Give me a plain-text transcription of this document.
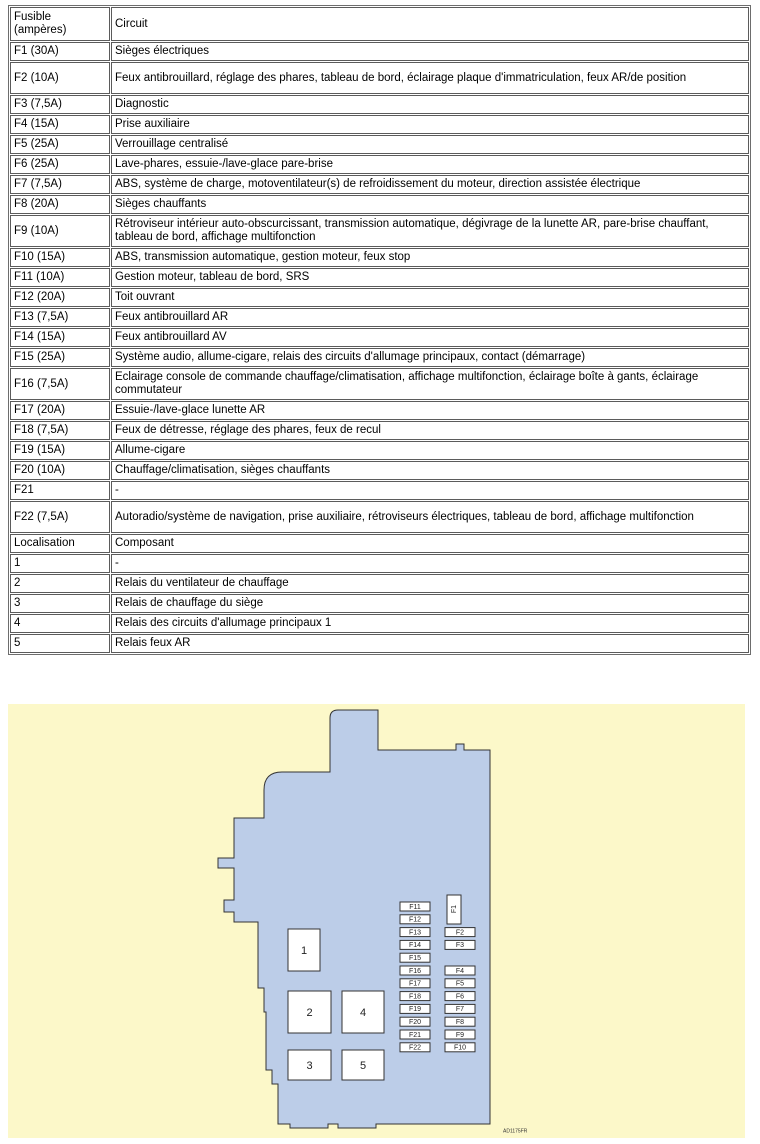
Fusible (ampères)	Circuit
F1 (30A)	Sièges électriques
F2 (10A)	Feux antibrouillard, réglage des phares, tableau de bord, éclairage plaque d'immatriculation, feux AR/de position
F3 (7,5A)	Diagnostic
F4 (15A)	Prise auxiliaire
F5 (25A)	Verrouillage centralisé
F6 (25A)	Lave-phares, essuie-/lave-glace pare-brise
F7 (7,5A)	ABS, système de charge, motoventilateur(s) de refroidissement du moteur, direction assistée électrique
F8 (20A)	Sièges chauffants
F9 (10A)	Rétroviseur intérieur auto-obscurcissant, transmission automatique, dégivrage de la lunette AR, pare-brise chauffant, tableau de bord, affichage multifonction
F10 (15A)	ABS, transmission automatique, gestion moteur, feux stop
F11 (10A)	Gestion moteur, tableau de bord, SRS
F12 (20A)	Toit ouvrant
F13 (7,5A)	Feux antibrouillard AR
F14 (15A)	Feux antibrouillard AV
F15 (25A)	Système audio, allume-cigare, relais des circuits d'allumage principaux, contact (démarrage)
F16 (7,5A)	Eclairage console de commande chauffage/climatisation, affichage multifonction, éclairage boîte à gants, éclairage commutateur
F17 (20A)	Essuie-/lave-glace lunette AR
F18 (7,5A)	Feux de détresse, réglage des phares, feux de recul
F19 (15A)	Allume-cigare
F20 (10A)	Chauffage/climatisation, sièges chauffants
F21	-
F22 (7,5A)	Autoradio/système de navigation, prise auxiliaire, rétroviseurs électriques, tableau de bord, affichage multifonction
Localisation	Composant
1	-
2	Relais du ventilateur de chauffage
3	Relais de chauffage du siège
4	Relais des circuits d'allumage principaux 1
5	Relais feux AR
1
2
3
4
5
F11
F12
F13
F14
F15
F16
F17
F18
F19
F20
F21
F22
F2
F3
F4
F5
F6
F7
F8
F9
F10
F1
AD1175FR
